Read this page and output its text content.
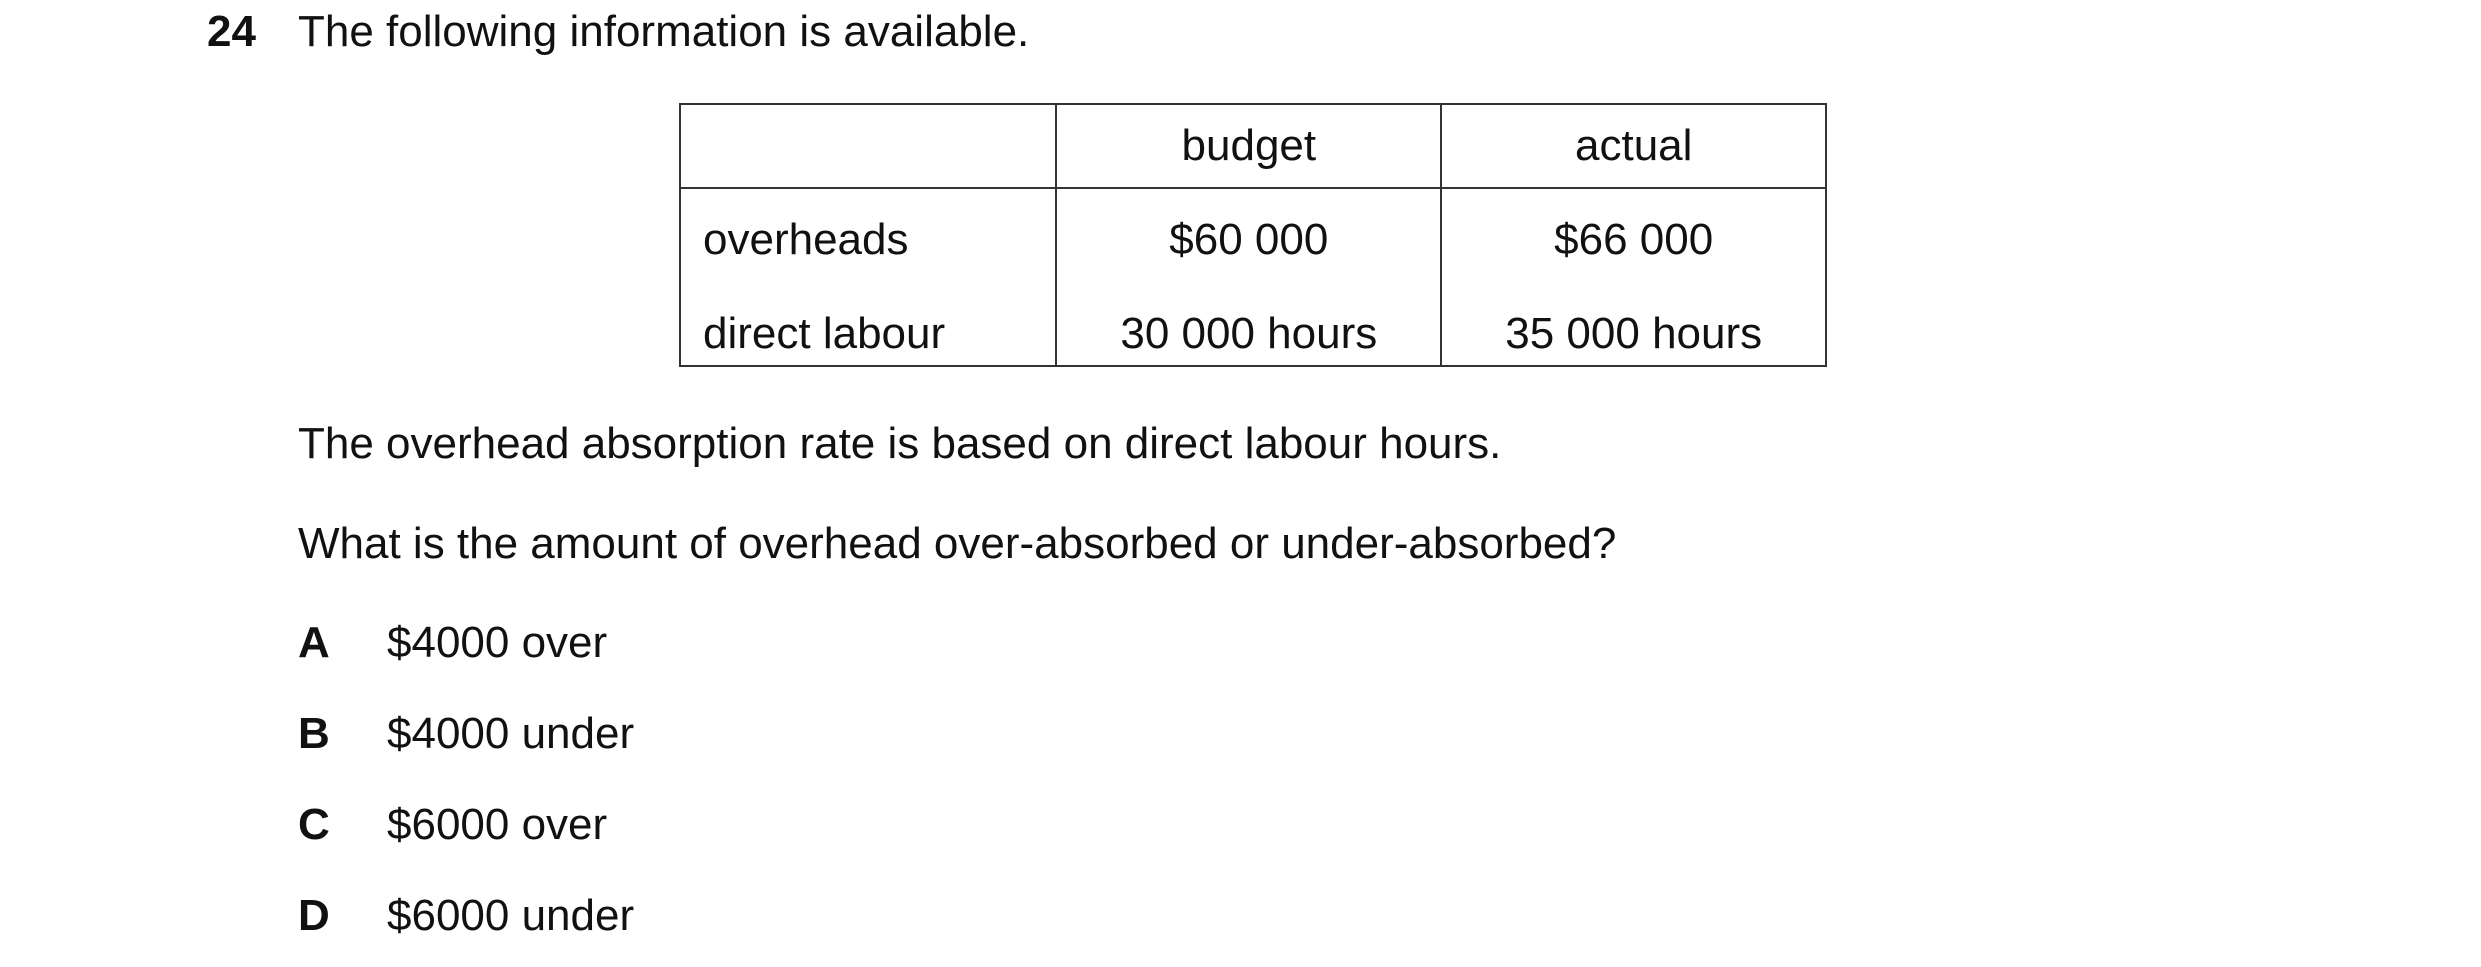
24 The following information is available.
	budget	actual
overheads	$60 000	$66 000
direct labour	30 000 hours	35 000 hours
The overhead absorption rate is based on direct labour hours.
What is the amount of overhead over-absorbed or under-absorbed?
A $4000 over
B $4000 under
C $6000 over
D $6000 under
